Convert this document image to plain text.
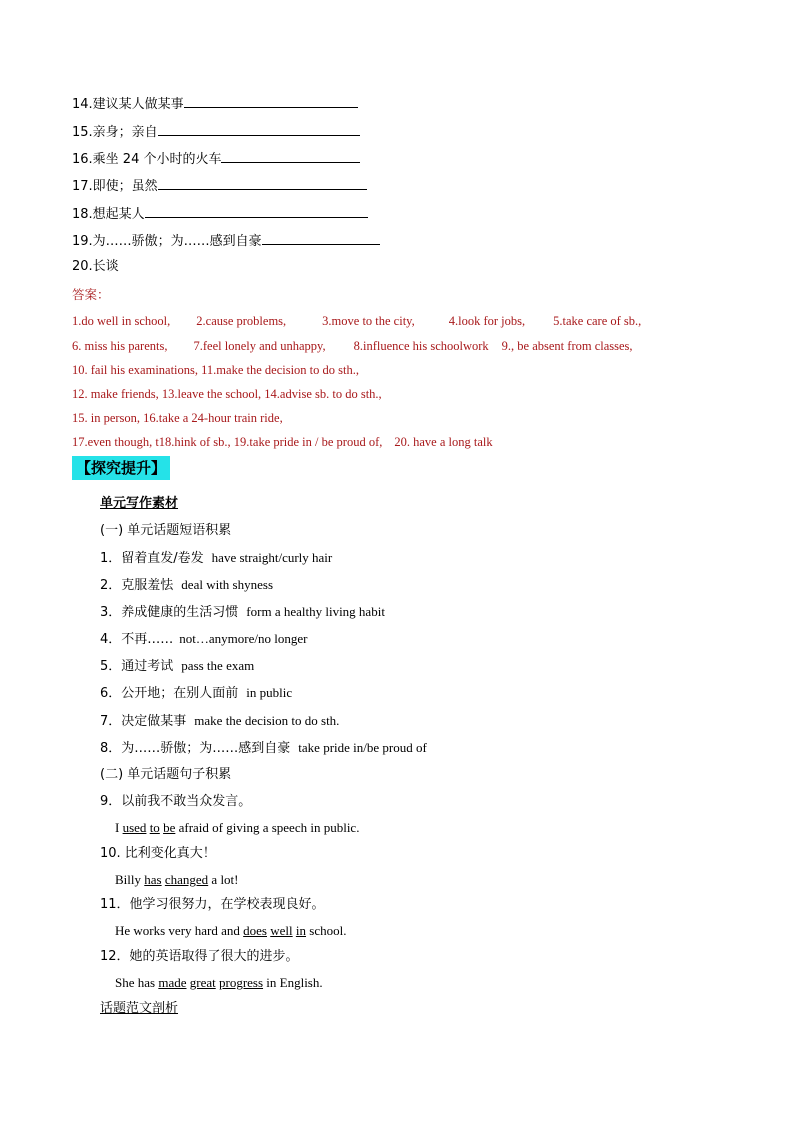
14.建议某人做某事
15.亲身；亲自
16.乘坐 24 个小时的火车
17.即使；虽然
18.想起某人
19.为……骄傲；为……感到自豪
20.长谈
答案：
1.do well in school, 2.cause problems,	3.move to the city,	4.look for jobs, 5.take care of sb.,
6. miss his parents, 7.feel lonely and unhappy, 8.influence his schoolwork 9., be absent from classes,
10. fail his examinations, 11.make the decision to do sth.,
12. make friends, 13.leave the school, 14.advise sb. to do sth.,
15. in person, 16.take a 24-hour train ride,
17.even though, t18.hink of sb., 19.take pride in / be proud of, 20. have a long talk
【探究提升】
单元写作素材
(一) 单元话题短语积累
1．留着直发/卷发 have straight/curly hair
2．克服羞怯 deal with shyness
3．养成健康的生活习惯 form a healthy living habit
4．不再…… not…anymore/no longer
5．通过考试 pass the exam
6．公开地；在别人面前 in public
7．决定做某事 make the decision to do sth.
8．为……骄傲；为……感到自豪 take pride in/be proud of
(二) 单元话题句子积累
9．以前我不敢当众发言。
I used to be afraid of giving a speech in public.
10. 比利变化真大！
Billy has changed a lot!
11．他学习很努力，在学校表现良好。
He works very hard and does well in school.
12．她的英语取得了很大的进步。
She has made great progress in English.
话题范文剖析
